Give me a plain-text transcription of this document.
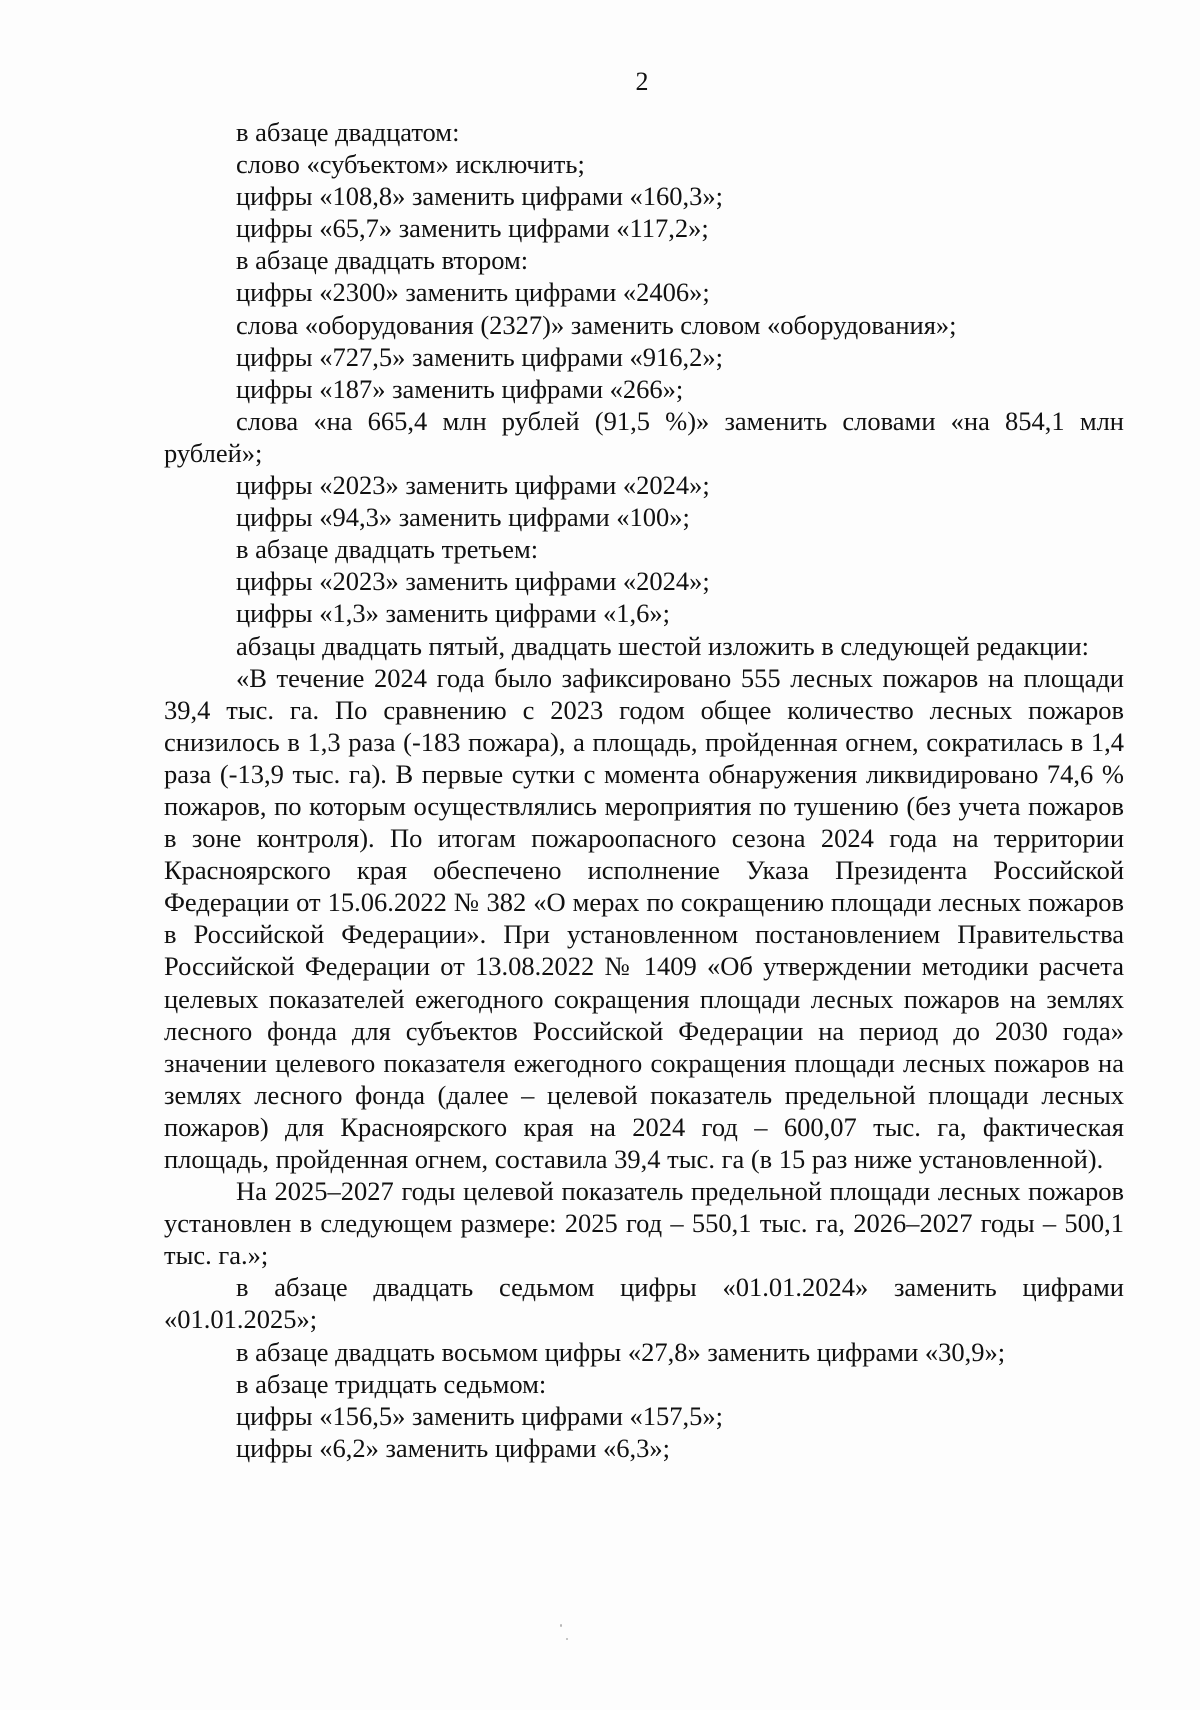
2
в абзаце двадцатом:
слово «субъектом» исключить;
цифры «108,8» заменить цифрами «160,3»;
цифры «65,7» заменить цифрами «117,2»;
в абзаце двадцать втором:
цифры «2300» заменить цифрами «2406»;
слова «оборудования (2327)» заменить словом «оборудования»;
цифры «727,5» заменить цифрами «916,2»;
цифры «187» заменить цифрами «266»;
слова «на 665,4 млн рублей (91,5 %)» заменить словами «на 854,1 млн рублей»;
цифры «2023» заменить цифрами «2024»;
цифры «94,3» заменить цифрами «100»;
в абзаце двадцать третьем:
цифры «2023» заменить цифрами «2024»;
цифры «1,3» заменить цифрами «1,6»;
абзацы двадцать пятый, двадцать шестой изложить в следующей редакции:
«В течение 2024 года было зафиксировано 555 лесных пожаров на площади 39,4 тыс. га. По сравнению с 2023 годом общее количество лесных пожаров снизилось в 1,3 раза (-183 пожара), а площадь, пройденная огнем, сократилась в 1,4 раза (-13,9 тыс. га). В первые сутки с момента обнаружения ликвидировано 74,6 % пожаров, по которым осуществлялись мероприятия по тушению (без учета пожаров в зоне контроля). По итогам пожароопасного сезона 2024 года на территории Красноярского края обеспечено исполнение Указа Президента Российской Федерации от 15.06.2022 № 382 «О мерах по сокращению площади лесных пожаров в Российской Федерации». При установленном постановлением Правительства Российской Федерации от 13.08.2022 № 1409 «Об утверждении методики расчета целевых показателей ежегодного сокращения площади лесных пожаров на землях лесного фонда для субъектов Российской Федерации на период до 2030 года» значении целевого показателя ежегодного сокращения площади лесных пожаров на землях лесного фонда (далее – целевой показатель предельной площади лесных пожаров) для Красноярского края на 2024 год – 600,07 тыс. га, фактическая площадь, пройденная огнем, составила 39,4 тыс. га (в 15 раз ниже установленной).
На 2025–2027 годы целевой показатель предельной площади лесных пожаров установлен в следующем размере: 2025 год – 550,1 тыс. га, 2026–2027 годы – 500,1 тыс. га.»;
в абзаце двадцать седьмом цифры «01.01.2024» заменить цифрами «01.01.2025»;
в абзаце двадцать восьмом цифры «27,8» заменить цифрами «30,9»;
в абзаце тридцать седьмом:
цифры «156,5» заменить цифрами «157,5»;
цифры «6,2» заменить цифрами «6,3»;
